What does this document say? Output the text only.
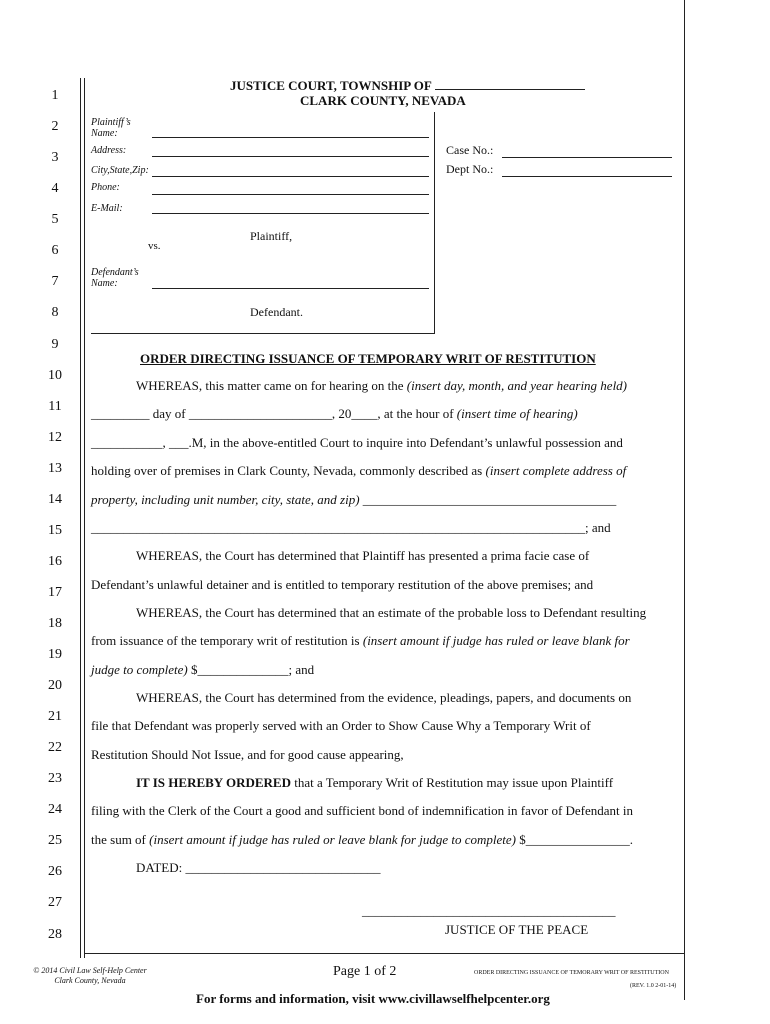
1
2
3
4
5
6
7
8
9
10
11
12
13
14
15
16
17
18
19
20
21
22
23
24
25
26
27
28
JUSTICE COURT, TOWNSHIP OF
CLARK COUNTY, NEVADA
Plaintiff’s
Name:
Address:
City,State,Zip:
Phone:
E-Mail:
Plaintiff,
vs.
Defendant’s
Name:
Defendant.
Case No.:
Dept No.:
ORDER DIRECTING ISSUANCE OF TEMPORARY WRIT OF RESTITUTION
WHEREAS, this matter came on for hearing on the (insert day, month, and year hearing held)
_________ day of ______________________, 20____, at the hour of (insert time of hearing)
___________, ___.M, in the above-entitled Court to inquire into Defendant’s unlawful possession and
holding over of premises in Clark County, Nevada, commonly described as (insert complete address of
property, including unit number, city, state, and zip) _______________________________________
____________________________________________________________________________; and
WHEREAS, the Court has determined that Plaintiff has presented a prima facie case of
Defendant’s unlawful detainer and is entitled to temporary restitution of the above premises; and
WHEREAS, the Court has determined that an estimate of the probable loss to Defendant resulting
from issuance of the temporary writ of restitution is (insert amount if judge has ruled or leave blank for
judge to complete) $______________; and
WHEREAS, the Court has determined from the evidence, pleadings, papers, and documents on
file that Defendant was properly served with an Order to Show Cause Why a Temporary Writ of
Restitution Should Not Issue, and for good cause appearing,
IT IS HEREBY ORDERED that a Temporary Writ of Restitution may issue upon Plaintiff
filing with the Clerk of the Court a good and sufficient bond of indemnification in favor of Defendant in
the sum of (insert amount if judge has ruled or leave blank for judge to complete) $________________.
DATED: ______________________________
_______________________________________
JUSTICE OF THE PEACE
© 2014 Civil Law Self-Help Center
Clark County, Nevada
Page 1 of 2	ORDER DIRECTING ISSUANCE OF TEMORARY WRIT OF RESTITUTION
(REV. 1.0 2-01-14)
For forms and information, visit www.civillawselfhelpcenter.org
